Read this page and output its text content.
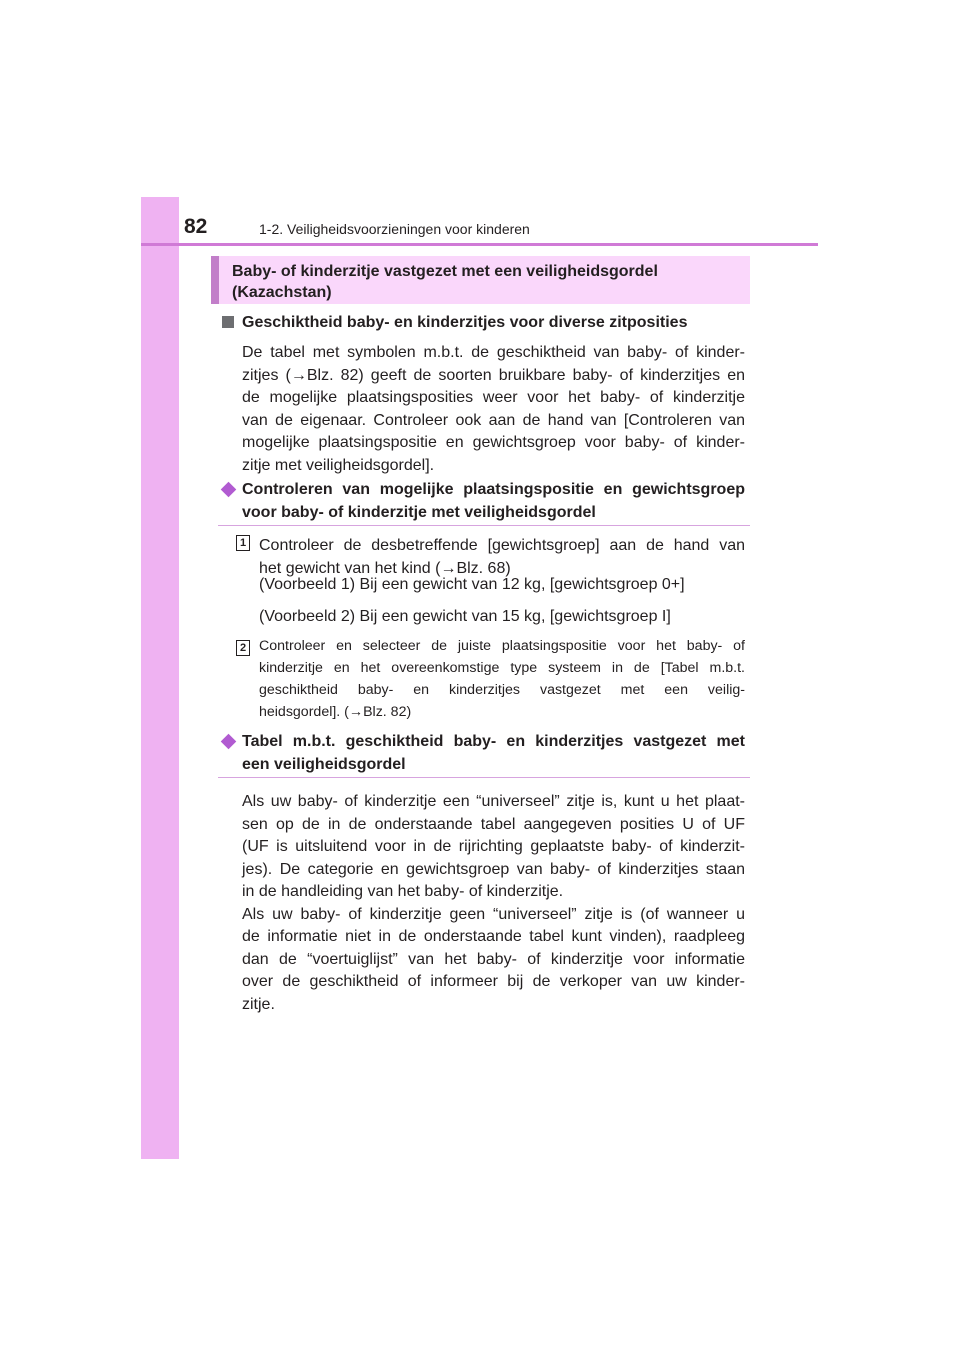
82	1-2. Veiligheidsvoorzieningen voor kinderen
Baby- of kinderzitje vastgezet met een veiligheidsgordel
(Kazachstan)
Geschiktheid baby- en kinderzitjes voor diverse zitposities
De tabel met symbolen m.b.t. de geschiktheid van baby- of kinder-
zitjes (→Blz. 82) geeft de soorten bruikbare baby- of kinderzitjes en
de mogelijke plaatsingsposities weer voor het baby- of kinderzitje
van de eigenaar. Controleer ook aan de hand van [Controleren van
mogelijke plaatsingspositie en gewichtsgroep voor baby- of kinder-
zitje met veiligheidsgordel].
Controleren van mogelijke plaatsingspositie en gewichtsgroep
voor baby- of kinderzitje met veiligheidsgordel
1 Controleer de desbetreffende [gewichtsgroep] aan de hand van
het gewicht van het kind (→Blz. 68)
(Voorbeeld 1) Bij een gewicht van 12 kg, [gewichtsgroep 0+]
(Voorbeeld 2) Bij een gewicht van 15 kg, [gewichtsgroep I]
2 Controleer en selecteer de juiste plaatsingspositie voor het baby- of
kinderzitje en het overeenkomstige type systeem in de [Tabel m.b.t.
geschiktheid baby- en kinderzitjes vastgezet met een veilig-
heidsgordel]. (→Blz. 82)
Tabel m.b.t. geschiktheid baby- en kinderzitjes vastgezet met
een veiligheidsgordel
Als uw baby- of kinderzitje een “universeel” zitje is, kunt u het plaat-
sen op de in de onderstaande tabel aangegeven posities U of UF
(UF is uitsluitend voor in de rijrichting geplaatste baby- of kinderzit-
jes). De categorie en gewichtsgroep van baby- of kinderzitjes staan
in de handleiding van het baby- of kinderzitje.
Als uw baby- of kinderzitje geen “universeel” zitje is (of wanneer u
de informatie niet in de onderstaande tabel kunt vinden), raadpleeg
dan de “voertuiglijst” van het baby- of kinderzitje voor informatie
over de geschiktheid of informeer bij de verkoper van uw kinder-
zitje.
